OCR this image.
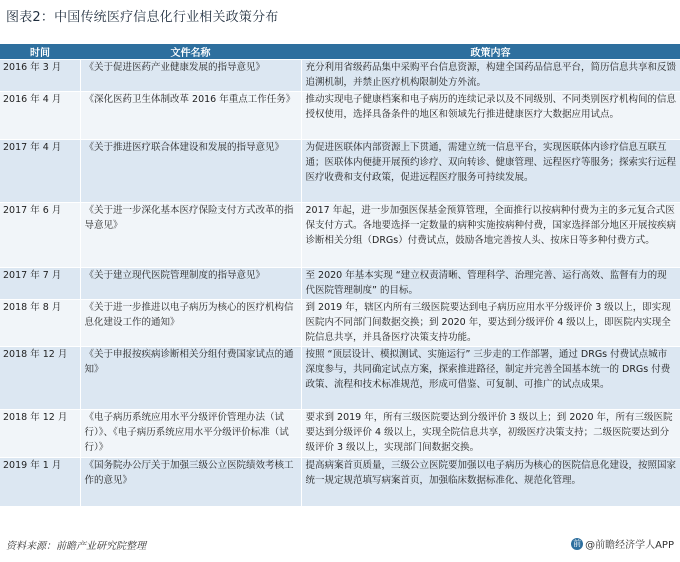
图表2：中国传统医疗信息化行业相关政策分布
时间	文件名称	政策内容
2016 年 3 月	《关于促进医药产业健康发展的指导意见》	充分利用省级药品集中采购平台信息资源，构建全国药品信息平台，简历信息共享和反馈追溯机制，并禁止医疗机构限制处方外流。
2016 年 4 月	《深化医药卫生体制改革 2016 年重点工作任务》	推动实现电子健康档案和电子病历的连续记录以及不同级别、不同类别医疗机构间的信息授权使用，选择具备条件的地区和领域先行推进健康医疗大数据应用试点。
2017 年 4 月	《关于推进医疗联合体建设和发展的指导意见》	为促进医联体内部资源上下贯通，需建立统一信息平台，实现医联体内诊疗信息互联互通；医联体内便捷开展预约诊疗、双向转诊、健康管理、远程医疗等服务；探索实行远程医疗收费和支付政策，促进远程医疗服务可持续发展。
2017 年 6 月	《关于进一步深化基本医疗保险支付方式改革的指导意见》	2017 年起，进一步加强医保基金预算管理，全面推行以按病种付费为主的多元复合式医保支付方式。各地要选择一定数量的病种实施按病种付费，国家选择部分地区开展按疾病诊断相关分组（DRGs）付费试点，鼓励各地完善按人头、按床日等多种付费方式。
2017 年 7 月	《关于建立现代医院管理制度的指导意见》	至 2020 年基本实现 “建立权责清晰、管理科学、治理完善、运行高效、监督有力的现代医院管理制度” 的目标。
2018 年 8 月	《关于进一步推进以电子病历为核心的医疗机构信息化建设工作的通知》	到 2019 年，辖区内所有三级医院要达到电子病历应用水平分级评价 3 级以上，即实现医院内不同部门间数据交换；到 2020 年，要达到分级评价 4 级以上，即医院内实现全院信息共享，并具备医疗决策支持功能。
2018 年 12 月	《关于申报按疾病诊断相关分组付费国家试点的通知》	按照 “顶层设计、模拟测试、实施运行” 三步走的工作部署，通过 DRGs 付费试点城市深度参与，共同确定试点方案，探索推进路径，制定并完善全国基本统一的 DRGs 付费政策、流程和技术标准规范，形成可借鉴、可复制、可推广的试点成果。
2018 年 12 月	《电子病历系统应用水平分级评价管理办法（试行）》、《电子病历系统应用水平分级评价标准（试行）》	要求到 2019 年，所有三级医院要达到分级评价 3 级以上；到 2020 年，所有三级医院要达到分级评价 4 级以上，实现全院信息共享，初级医疗决策支持；二级医院要达到分级评价 3 级以上，实现部门间数据交换。
2019 年 1 月	《国务院办公厅关于加强三级公立医院绩效考核工作的意见》	提高病案首页质量，三级公立医院要加强以电子病历为核心的医院信息化建设，按照国家统一规定规范填写病案首页，加强临床数据标准化、规范化管理。
资料来源：前瞻产业研究院整理	前 @前瞻经济学人APP
